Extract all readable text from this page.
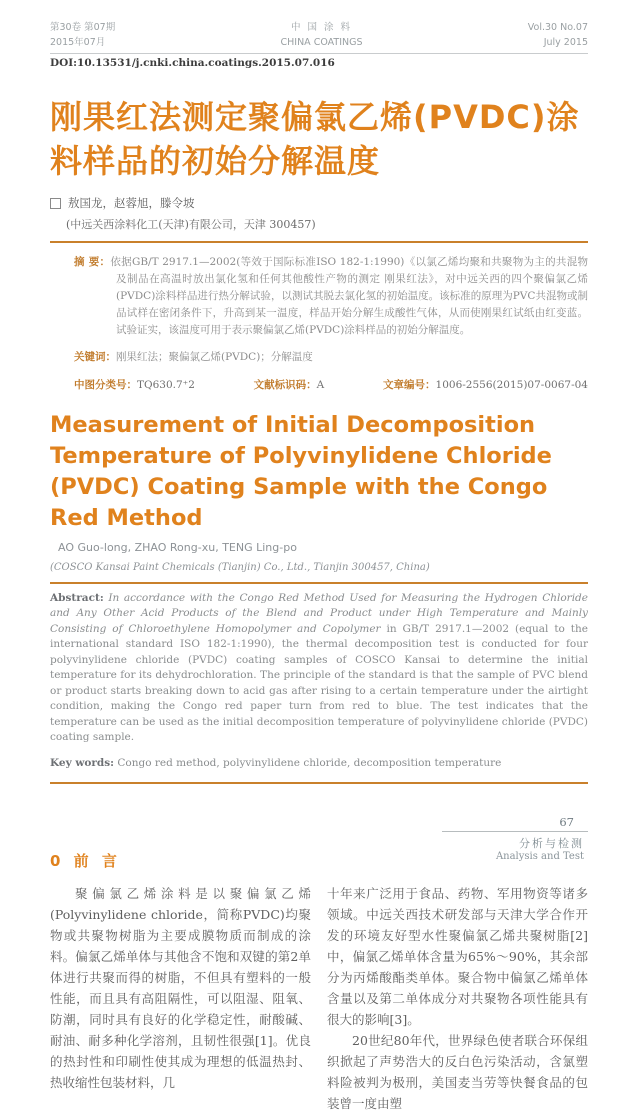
第30卷 第07期
2015年07月
中 国 涂 料
CHINA COATINGS
Vol.30 No.07
July 2015
DOI:10.13531/j.cnki.china.coatings.2015.07.016
刚果红法测定聚偏氯乙烯(PVDC)涂料样品的初始分解温度
敖国龙，赵蓉旭，滕令坡
(中远关西涂料化工(天津)有限公司，天津 300457)

摘 要：依据GB/T 2917.1—2002(等效于国际标准ISO 182-1:1990)《以氯乙烯均聚和共聚物为主的共混物及制品在高温时放出氯化氢和任何其他酸性产物的测定 刚果红法》，对中远关西的四个聚偏氯乙烯(PVDC)涂料样品进行热分解试验，以测试其脱去氯化氢的初始温度。该标准的原理为PVC共混物或制品试样在密闭条件下，升高到某一温度，样品开始分解生成酸性气体，从而使刚果红试纸由红变蓝。试验证实，该温度可用于表示聚偏氯乙烯(PVDC)涂料样品的初始分解温度。

关键词：刚果红法；聚偏氯乙烯(PVDC)；分解温度

中图分类号：TQ630.7⁺2	文献标识码：A	文章编号：1006-2556(2015)07-0067-04
Measurement of Initial Decomposition Temperature of Polyvinylidene Chloride (PVDC) Coating Sample with the Congo Red Method
AO Guo-long, ZHAO Rong-xu, TENG Ling-po
(COSCO Kansai Paint Chemicals (Tianjin) Co., Ltd., Tianjin 300457, China)

Abstract: In accordance with the Congo Red Method Used for Measuring the Hydrogen Chloride and Any Other Acid Products of the Blend and Product under High Temperature and Mainly Consisting of Chloroethylene Homopolymer and Copolymer in GB/T 2917.1—2002 (equal to the international standard ISO 182-1:1990), the thermal decomposition test is conducted for four polyvinylidene chloride (PVDC) coating samples of COSCO Kansai to determine the initial temperature for its dehydrochloration. The principle of the standard is that the sample of PVC blend or product starts breaking down to acid gas after rising to a certain temperature under the airtight condition, making the Congo red paper turn from red to blue. The test indicates that the temperature can be used as the initial decomposition temperature of polyvinylidene chloride (PVDC) coating sample.

Key words: Congo red method, polyvinylidene chloride, decomposition temperature

0 前 言

聚偏氯乙烯涂料是以聚偏氯乙烯(Polyvinylidene chloride，简称PVDC)均聚物或共聚物树脂为主要成膜物质而制成的涂料。偏氯乙烯单体与其他含不饱和双键的第2单体进行共聚而得的树脂，不但具有塑料的一般性能，而且具有高阻隔性，可以阻湿、阻氧、防潮，同时具有良好的化学稳定性，耐酸碱、耐油、耐多种化学溶剂，且韧性很强[1]。优良的热封性和印刷性使其成为理想的低温热封、热收缩性包装材料，几

十年来广泛用于食品、药物、军用物资等诸多领域。中远关西技术研发部与天津大学合作开发的环境友好型水性聚偏氯乙烯共聚树脂[2]中，偏氯乙烯单体含量为65%～90%，其余部分为丙烯酸酯类单体。聚合物中偏氯乙烯单体含量以及第二单体成分对共聚物各项性能具有很大的影响[3]。

20世纪80年代，世界绿色使者联合环保组织掀起了声势浩大的反白色污染活动，含氯塑料险被判为极刑，美国麦当劳等快餐食品的包装曾一度由塑

67
分析与检测
Analysis and Test
